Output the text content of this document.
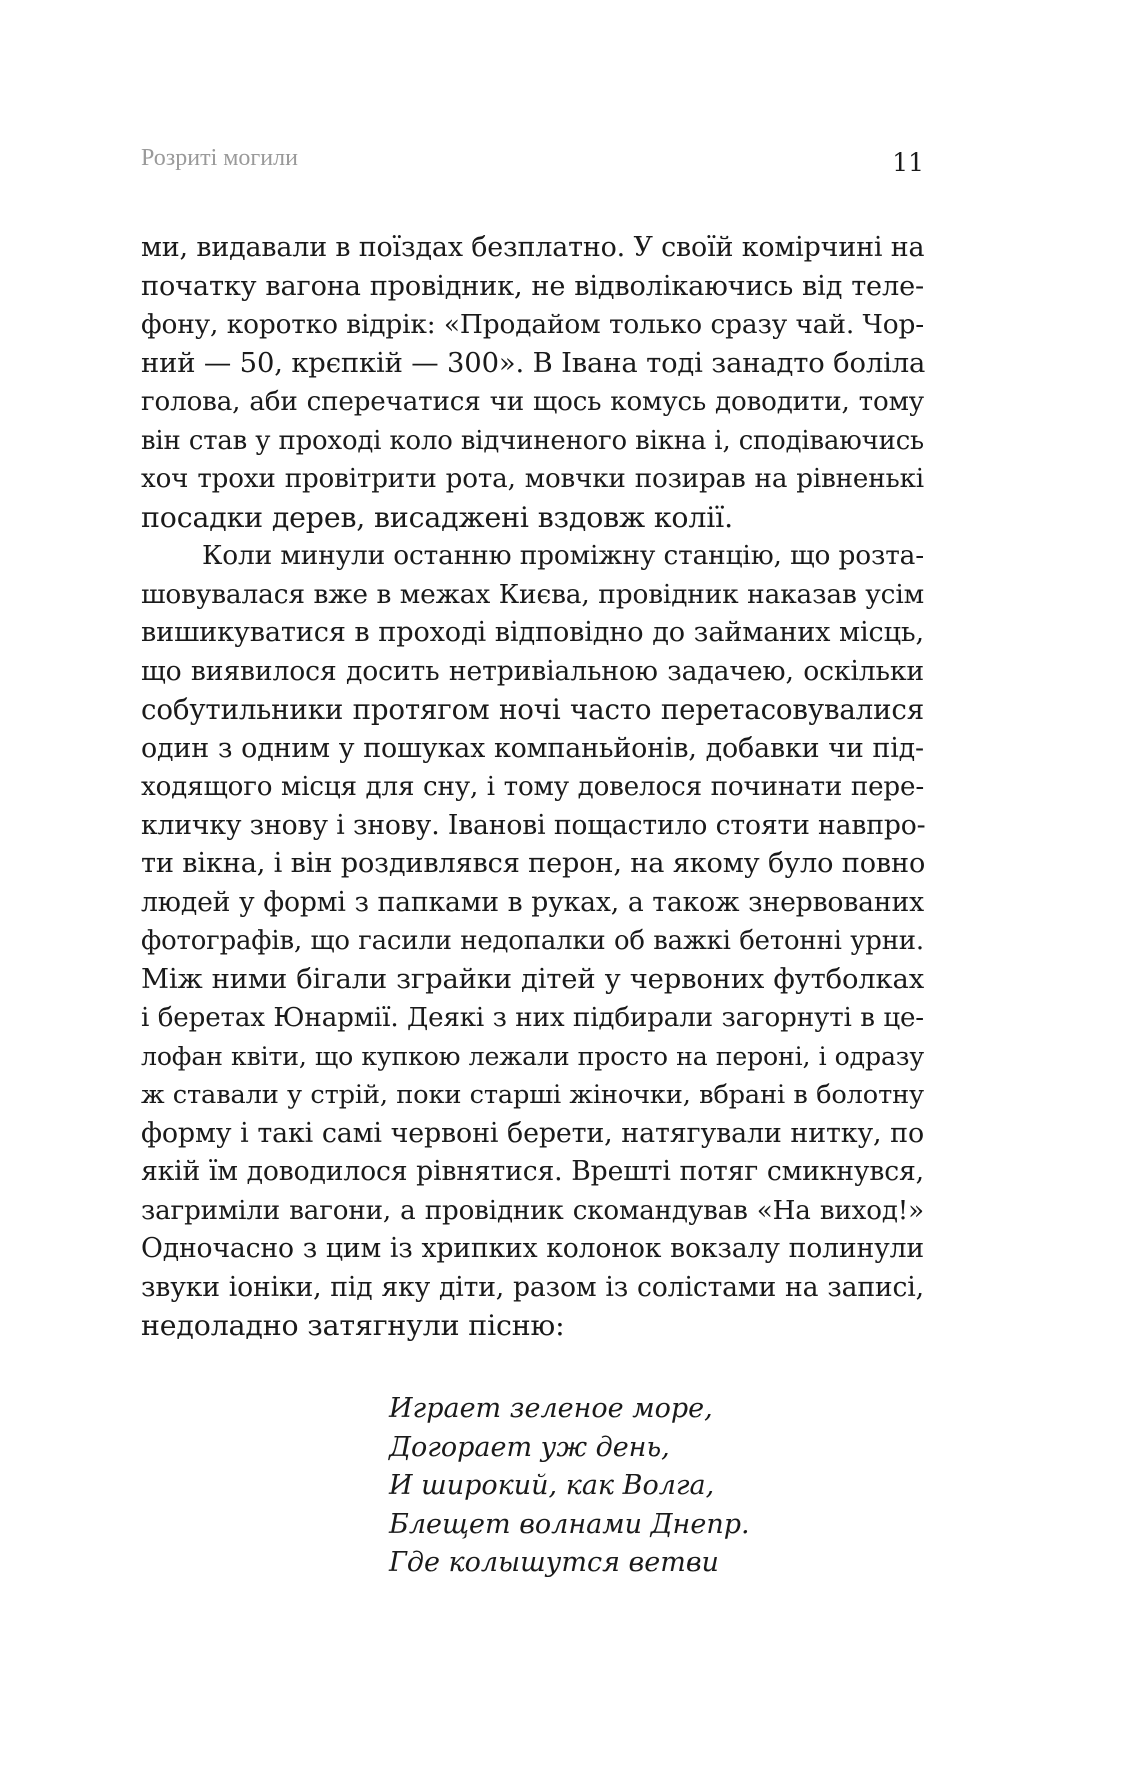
Розриті могили	11
ми, видавали в поїздах безплатно. У своїй комірчині на
початку вагона провідник, не відволікаючись від теле-
фону, коротко відрік: «Продайом только сразу чай. Чор-
ний — 50, крєпкій — 300». В Івана тоді занадто боліла
голова, аби сперечатися чи щось комусь доводити, тому
він став у проході коло відчиненого вікна і, сподіваючись
хоч трохи провітрити рота, мовчки позирав на рівненькі
посадки дерев, висаджені вздовж колії.
Коли минули останню проміжну станцію, що розта-
шовувалася вже в межах Києва, провідник наказав усім
вишикуватися в проході відповідно до займаних місць,
що виявилося досить нетривіальною задачею, оскільки
собутильники протягом ночі часто перетасовувалися
один з одним у пошуках компаньйонів, добавки чи під-
ходящого місця для сну, і тому довелося починати пере-
кличку знову і знову. Іванові пощастило стояти навпро-
ти вікна, і він роздивлявся перон, на якому було повно
людей у формі з папками в руках, а також знервованих
фотографів, що гасили недопалки об важкі бетонні урни.
Між ними бігали зграйки дітей у червоних футболках
і беретах Юнармії. Деякі з них підбирали загорнуті в це-
лофан квіти, що купкою лежали просто на пероні, і одразу
ж ставали у стрій, поки старші жіночки, вбрані в болотну
форму і такі самі червоні берети, натягували нитку, по
якій їм доводилося рівнятися. Врешті потяг смикнувся,
загриміли вагони, а провідник скомандував «На виход!»
Одночасно з цим із хрипких колонок вокзалу полинули
звуки іоніки, під яку діти, разом із солістами на записі,
недоладно затягнули пісню:
Играет зеленое море,
Догорает уж день,
И широкий, как Волга,
Блещет волнами Днепр.
Где колышутся ветви
